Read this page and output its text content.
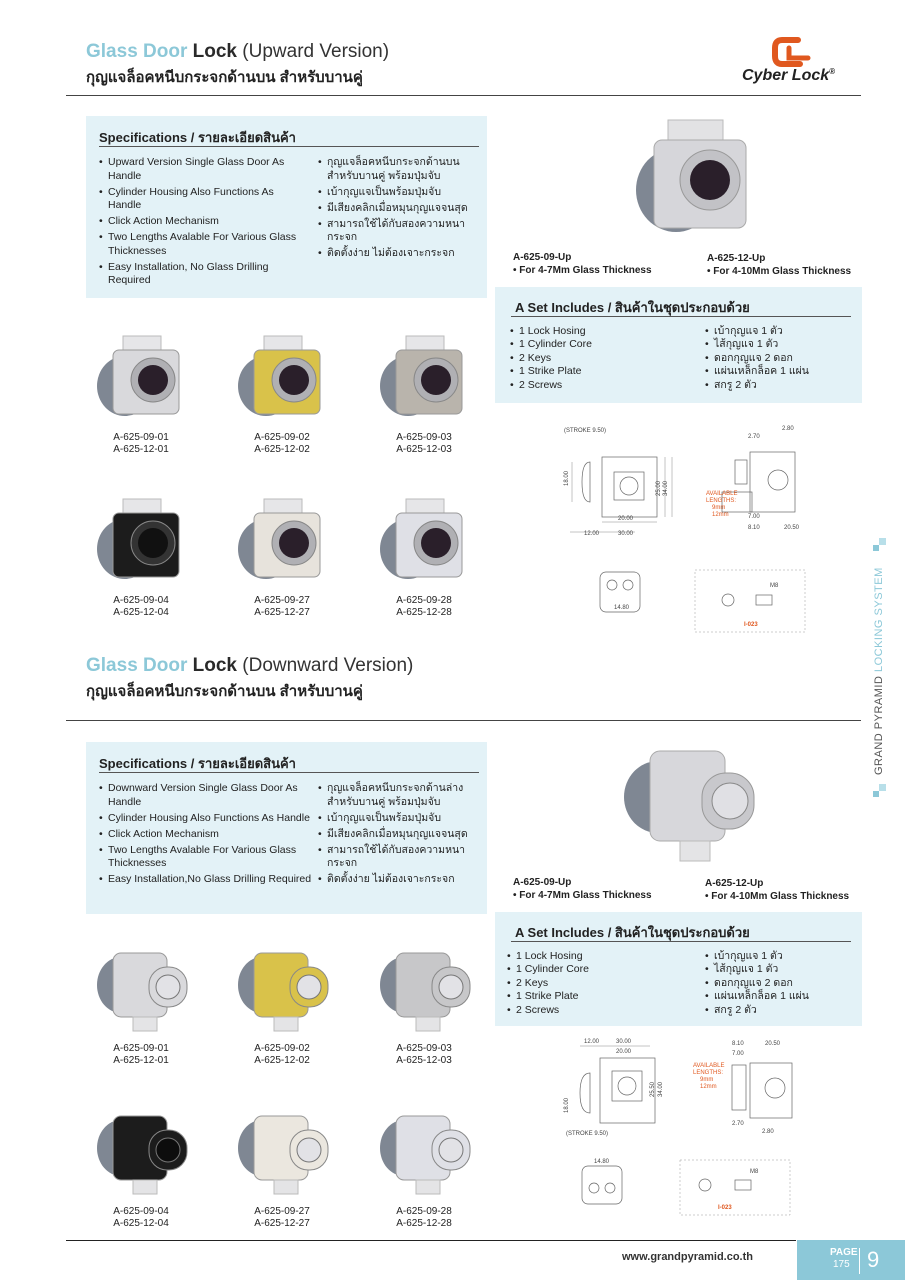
Glass Door Lock (Upward Version)
กุญแจล็อคหนีบกระจกด้านบน สำหรับบานคู่	Cyber Lock®
Specifications / รายละเอียดสินค้า
• Upward Version Single Glass Door As Handle
• Cylinder Housing Also Functions As Handle
• Click Action Mechanism
• Two Lengths Avalable For Various Glass Thicknesses
• Easy Installation, No Glass Drilling Required
• กุญแจล็อคหนีบกระจกด้านบน สำหรับบานคู่ พร้อมปุ่มจับ
• เบ้ากุญแจเป็นพร้อมปุ่มจับ
• มีเสียงคลิกเมื่อหมุนกุญแจจนสุด
• สามารถใช้ได้กับสองความหนากระจก
• ติดตั้งง่าย ไม่ต้องเจาะกระจก	A-625-09-Up
• For 4-7Mm Glass Thickness
A-625-12-Up
• For 4-10Mm Glass Thickness
A Set Includes / สินค้าในชุดประกอบด้วย
• 1 Lock Hosing
• 1 Cylinder Core
• 2 Keys
• 1 Strike Plate
• 2 Screws
• เบ้ากุญแจ 1 ตัว
• ไส้กุญแจ 1 ตัว
• ดอกกุญแจ 2 ดอก
• แผ่นเหล็กล็อค 1 แผ่น
• สกรู 2 ตัว
A-625-09-01
A-625-12-01
A-625-09-02
A-625-12-02
A-625-09-03
A-625-12-03
A-625-09-04
A-625-12-04
A-625-09-27
A-625-12-27
A-625-09-28
A-625-12-28
(STROKE 9.50)
18.00
25.00 34.00
20.00
12.00	30.00
2.70
2.80
7.00
8.10	20.50
AVAILABLE
LENGTHS:
9mm
12mm
14.80
M8
I-023
Glass Door Lock (Downward Version)
กุญแจล็อคหนีบกระจกด้านบน สำหรับบานคู่
Specifications / รายละเอียดสินค้า
• Downward Version Single Glass Door As Handle
• Cylinder Housing Also Functions As Handle
• Click Action Mechanism
• Two Lengths Avalable For Various Glass Thicknesses
• Easy Installation,No Glass Drilling Required
• กุญแจล็อคหนีบกระจกด้านล่าง สำหรับบานคู่ พร้อมปุ่มจับ
• เบ้ากุญแจเป็นพร้อมปุ่มจับ
• มีเสียงคลิกเมื่อหมุนกุญแจจนสุด
• สามารถใช้ได้กับสองความหนากระจก
• ติดตั้งง่าย ไม่ต้องเจาะกระจก	A-625-09-Up
• For 4-7Mm Glass Thickness
A-625-12-Up
• For 4-10Mm Glass Thickness
A Set Includes / สินค้าในชุดประกอบด้วย
• 1 Lock Hosing
• 1 Cylinder Core
• 2 Keys
• 1 Strike Plate
• 2 Screws
• เบ้ากุญแจ 1 ตัว
• ไส้กุญแจ 1 ตัว
• ดอกกุญแจ 2 ดอก
• แผ่นเหล็กล็อค 1 แผ่น
• สกรู 2 ตัว
A-625-09-01
A-625-12-01
A-625-09-02
A-625-12-02
A-625-09-03
A-625-12-03
A-625-09-04
A-625-12-04
A-625-09-27
A-625-12-27
A-625-09-28
A-625-12-28
12.00	30.00
20.00
25.50 34.00
18.00
(STROKE 9.50)
8.10	20.50
7.00
AVAILABLE
LENGTHS:
9mm
12mm
2.70
2.80
14.80
M8
I-023
GRAND PYRAMID LOCKING SYSTEM
www.grandpyramid.co.th	PAGE
175 9
